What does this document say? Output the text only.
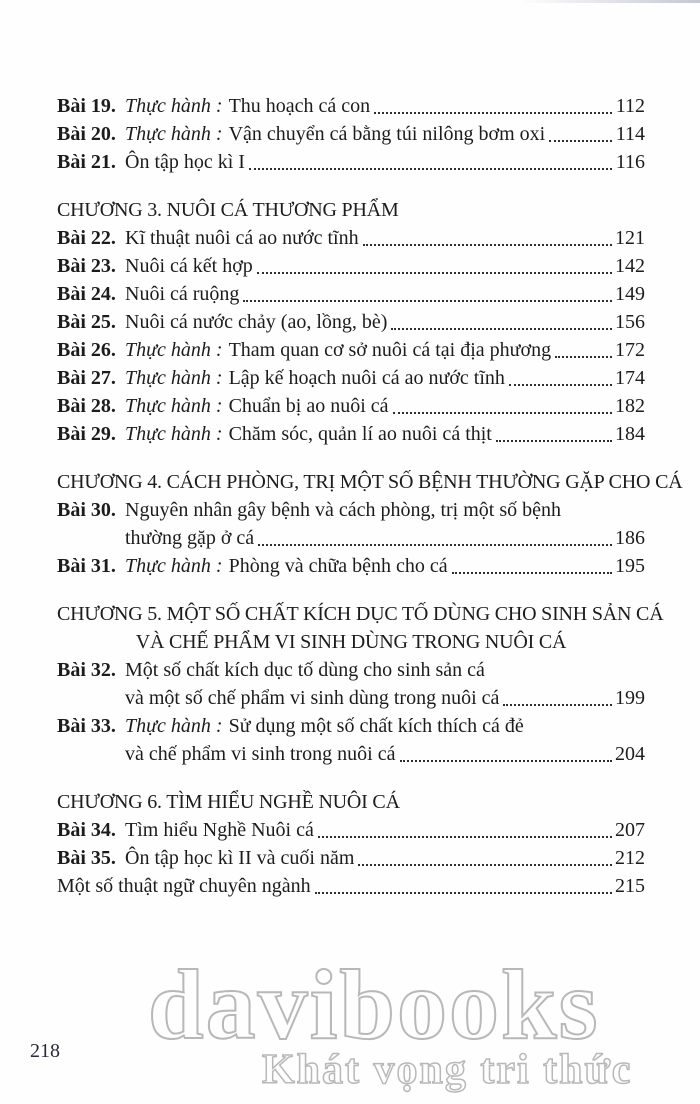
Bài 19. Thực hành : Thu hoạch cá con	112
Bài 20. Thực hành : Vận chuyển cá bằng túi nilông bơm oxi	114
Bài 21. Ôn tập học kì I	116
CHƯƠNG 3. NUÔI CÁ THƯƠNG PHẨM
Bài 22. Kĩ thuật nuôi cá ao nước tĩnh	121
Bài 23. Nuôi cá kết hợp	142
Bài 24. Nuôi cá ruộng	149
Bài 25. Nuôi cá nước chảy (ao, lồng, bè)	156
Bài 26. Thực hành : Tham quan cơ sở nuôi cá tại địa phương	172
Bài 27. Thực hành : Lập kế hoạch nuôi cá ao nước tĩnh	174
Bài 28. Thực hành : Chuẩn bị ao nuôi cá	182
Bài 29. Thực hành : Chăm sóc, quản lí ao nuôi cá thịt	184
CHƯƠNG 4. CÁCH PHÒNG, TRỊ MỘT SỐ BỆNH THƯỜNG GẶP CHO CÁ
Bài 30. Nguyên nhân gây bệnh và cách phòng, trị một số bệnh
thường gặp ở cá	186
Bài 31. Thực hành : Phòng và chữa bệnh cho cá	195
CHƯƠNG 5. MỘT SỐ CHẤT KÍCH DỤC TỐ DÙNG CHO SINH SẢN CÁ
VÀ CHẾ PHẨM VI SINH DÙNG TRONG NUÔI CÁ
Bài 32. Một số chất kích dục tố dùng cho sinh sản cá
và một số chế phẩm vi sinh dùng trong nuôi cá	199
Bài 33. Thực hành : Sử dụng một số chất kích thích cá đẻ
và chế phẩm vi sinh trong nuôi cá	204
CHƯƠNG 6. TÌM HIỂU NGHỀ NUÔI CÁ
Bài 34. Tìm hiểu Nghề Nuôi cá	207
Bài 35. Ôn tập học kì II và cuối năm	212
Một số thuật ngữ chuyên ngành	215
davibooks
Khát vọng tri thức
218
